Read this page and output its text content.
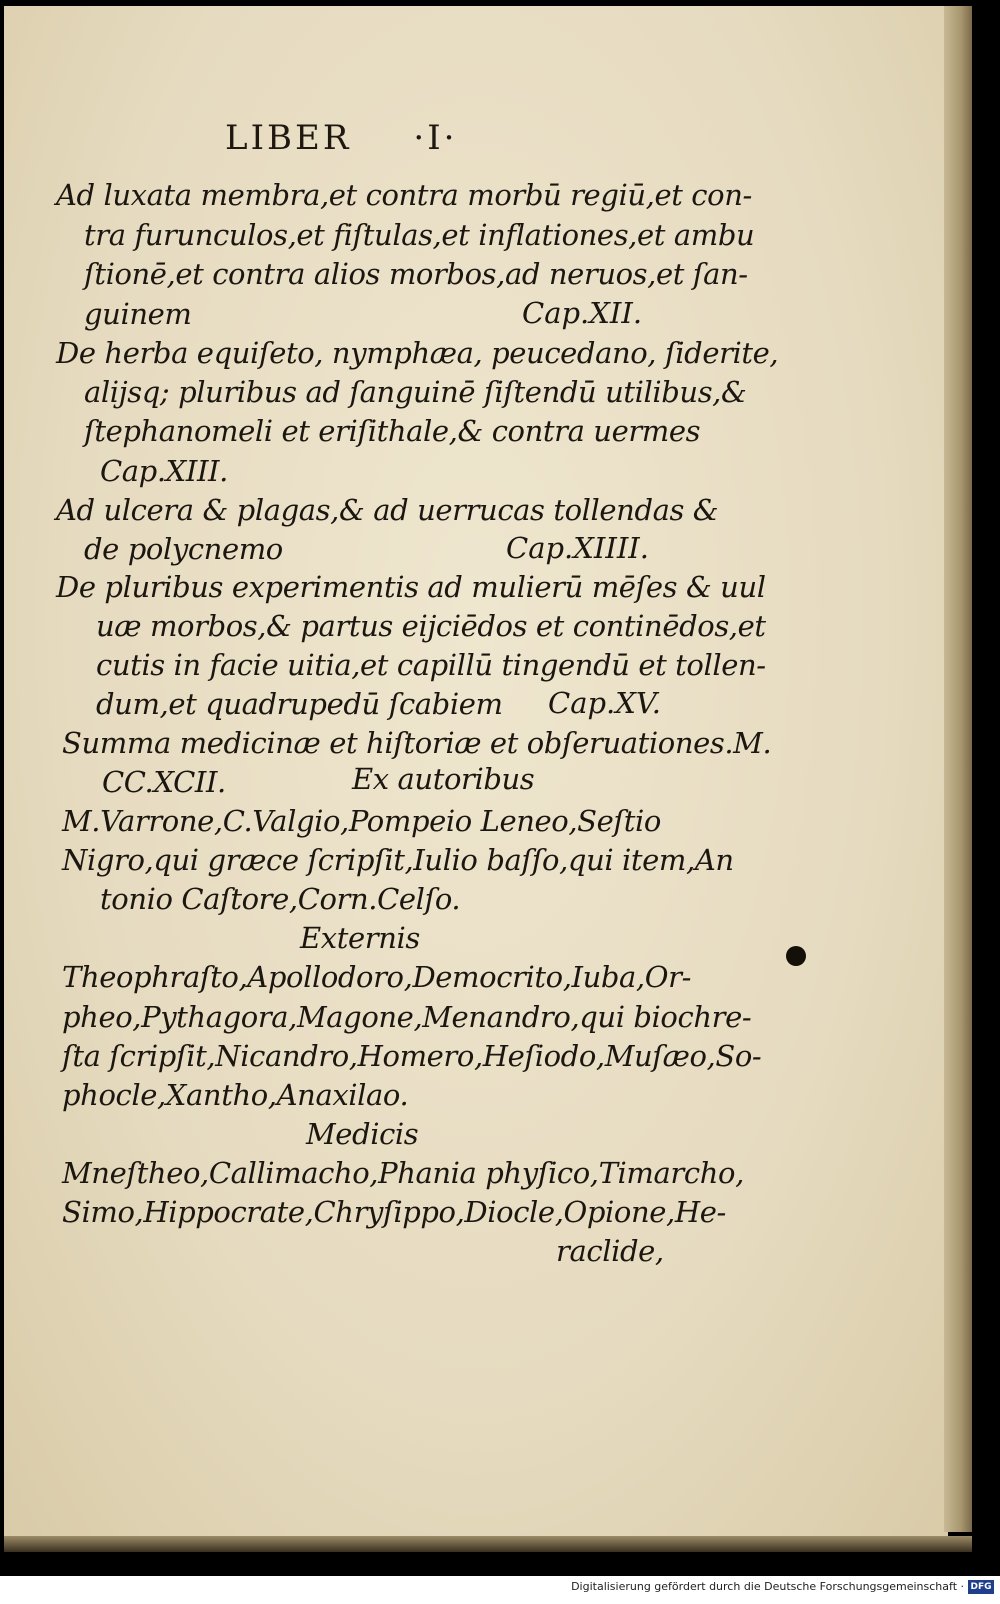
LIBER ·I·
Ad luxata membra,et contra morbū regiū,et con-
tra furunculos,et fiſtulas,et inflationes,et ambu
ſtionē,et contra alios morbos,ad neruos,et ſan-
guinem	Cap.XII.
De herba equiſeto, nymphæa, peucedano, ſiderite,
alijsq; pluribus ad ſanguinē ſiſtendū utilibus,&
ſtephanomeli et eriſithale,& contra uermes
Cap.XIII.
Ad ulcera & plagas,& ad uerrucas tollendas &
de polycnemo	Cap.XIIII.
De pluribus experimentis ad mulierū mēſes & uul
uæ morbos,& partus eijciēdos et continēdos,et
cutis in facie uitia,et capillū tingendū et tollen-
dum,et quadrupedū ſcabiem Cap.XV.
Summa medicinæ et hiſtoriæ et obſeruationes.M.
CC.XCII.	Ex autoribus
M.Varrone,C.Valgio,Pompeio Leneo,Seſtio
Nigro,qui græce ſcripſit,Iulio baſſo,qui item,An
tonio Caſtore,Corn.Celſo.
Externis
Theophraſto,Apollodoro,Democrito,Iuba,Or-
pheo,Pythagora,Magone,Menandro,qui biochre-
ſta ſcripſit,Nicandro,Homero,Heſiodo,Muſæo,So-
phocle,Xantho,Anaxilao.
Medicis
Mneſtheo,Callimacho,Phania phyſico,Timarcho,
Simo,Hippocrate,Chryſippo,Diocle,Opione,He-
raclide,
Digitalisierung gefördert durch die Deutsche Forschungsgemeinschaft · DFG
